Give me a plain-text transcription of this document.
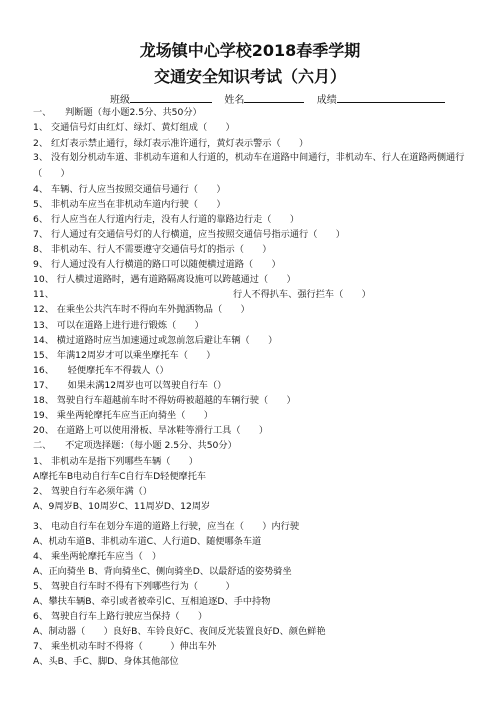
龙场镇中心学校2018春季学期
交通安全知识考试（六月）
班级	姓名	成绩
一、　　判断题（每小题2.5分、共50分）
1、 交通信号灯由红灯、绿灯、黄灯组成（　　）
2、 红灯表示禁止通行，绿灯表示准许通行，黄灯表示警示（　　）
3、 没有划分机动车道、非机动车道和人行道的，机动车在道路中间通行，非机动车、行人在道路两侧通行（　　）
4、 车辆、行人应当按照交通信号通行（　　）
5、 非机动车应当在非机动车道内行驶（　　）
6、 行人应当在人行道内行走，没有人行道的靠路边行走（　　）
7、 行人通过有交通信号灯的人行横道，应当按照交通信号指示通行（　　）
8、 非机动车、行人不需要遵守交通信号灯的指示（　　）
9、 行人通过没有人行横道的路口可以随便横过道路（　　）
10、 行人横过道路时，遇有道路隔离设施可以跨越通过（　　）
11、　　　　　　　　　　　　　　　　　　　　行人不得扒车、强行拦车（　　）
12、 在乘坐公共汽车时不得向车外抛洒物品（　　）
13、 可以在道路上进行进行锻炼（　　）
14、 横过道路时应当加速通过或忽前忽后避让车辆（　　）
15、 年满12周岁才可以乘坐摩托车（　　）
16、　　轻便摩托车不得载人（）
17、　　如果未满12周岁也可以驾驶自行车（）
18、 驾驶自行车超越前车时不得妨碍被超越的车辆行驶（　　）
19、 乘坐两轮摩托车应当正向骑坐（　　）
20、 在道路上可以使用滑板、旱冰鞋等滑行工具（　　）
二、　　不定项选择题：（每小题 2.5分、共50分）
1、 非机动车是指下列哪些车辆（　　）
A摩托车B电动自行车C自行车D轻便摩托车
2、 驾驶自行车必须年满（）
A、9周岁B、10周岁C、11周岁D、12周岁
3、 电动自行车在划分车道的道路上行驶，应当在（　　）内行驶
A、机动车道B、非机动车道C、人行道D、随便哪条车道
4、 乘坐两轮摩托车应当（　）
A、正向骑坐 B、背向骑坐C、侧向骑坐D、以最舒适的姿势骑坐
5、 驾驶自行车时不得有下列哪些行为（　　　）
A、攀扶车辆B、牵引或者被牵引C、互相追逐D、手中持物
6、 驾驶自行车上路行驶应当保持（　　）
A、制动器（　　）良好B、车铃良好C、夜间反光装置良好D、颜色鲜艳
7、 乘坐机动车时不得将（　　　）伸出车外
A、头B、手C、脚D、身体其他部位
